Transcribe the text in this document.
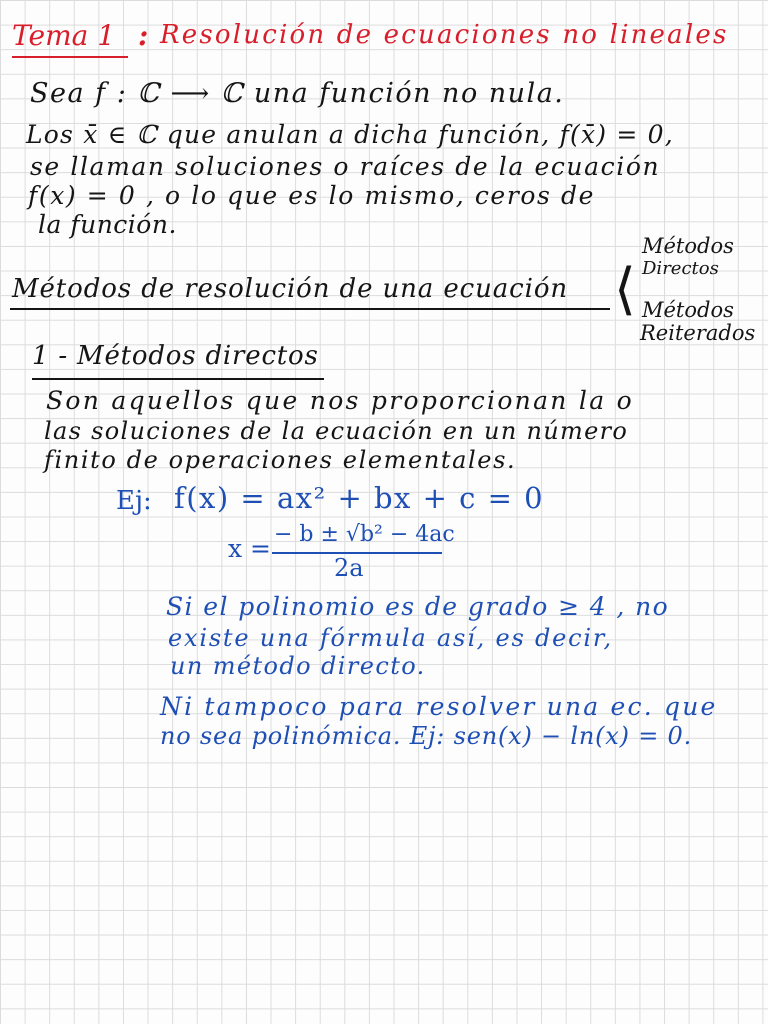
Tema 1 : Resolución de ecuaciones no lineales
Sea f : ℂ ⟶ ℂ una función no nula.
Los x̄ ∈ ℂ que anulan a dicha función, f(x̄) = 0,
se llaman soluciones o raíces de la ecuación
f(x) = 0 , o lo que es lo mismo, ceros de
la función.
Métodos de resolución de una ecuación ⟨
Métodos
Directos
Métodos
Reiterados
1 - Métodos directos
Son aquellos que nos proporcionan la o
las soluciones de la ecuación en un número
finito de operaciones elementales.
Ej: f(x) = ax² + bx + c = 0
x = − b ± √b² − 4ac
2a
Si el polinomio es de grado ≥ 4 , no
existe una fórmula así, es decir,
un método directo.
Ni tampoco para resolver una ec. que
no sea polinómica. Ej: sen(x) − ln(x) = 0.
